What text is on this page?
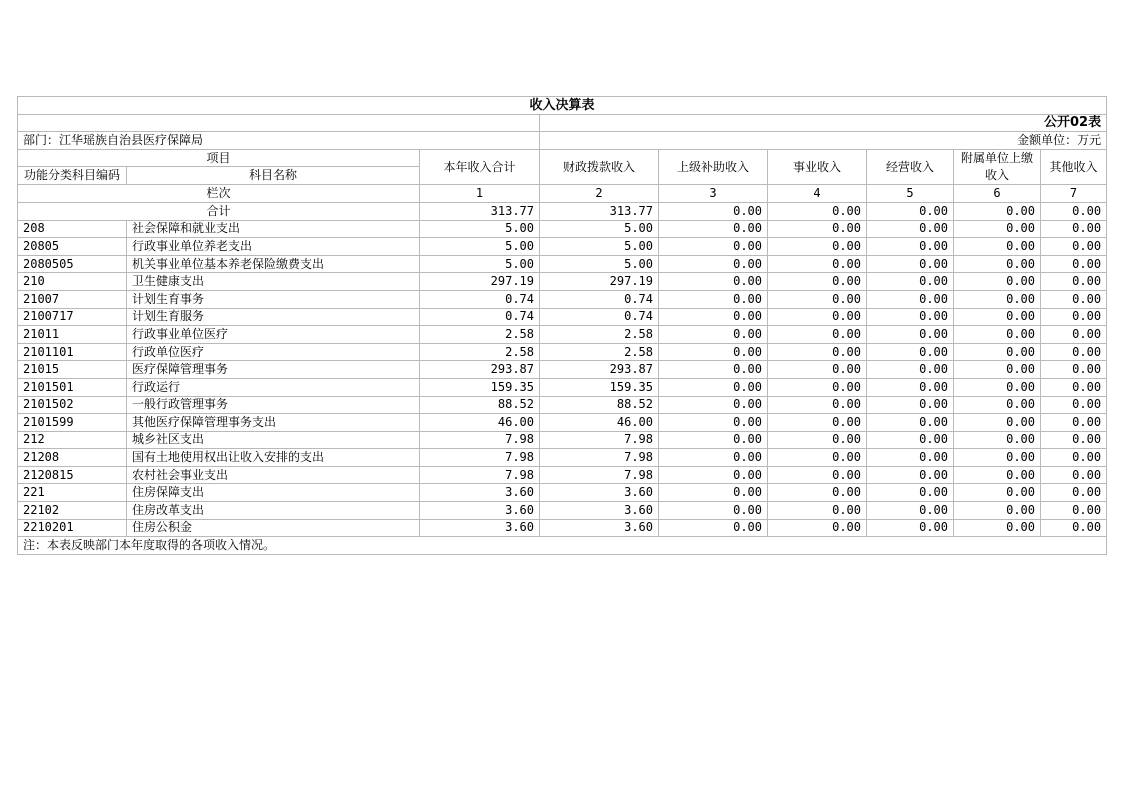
收入决算表								
			公开02表					
部门：江华瑶族自治县医疗保障局			金额单位：万元					
项目		本年收入合计	财政拨款收入	上级补助收入	事业收入	经营收入	附属单位上缴收入	其他收入
功能分类科目编码	科目名称							
栏次		1	2	3	4	5	6	7
合计		313.77	313.77	0.00	0.00	0.00	0.00	0.00
208	社会保障和就业支出	5.00	5.00	0.00	0.00	0.00	0.00	0.00
20805	行政事业单位养老支出	5.00	5.00	0.00	0.00	0.00	0.00	0.00
2080505	机关事业单位基本养老保险缴费支出	5.00	5.00	0.00	0.00	0.00	0.00	0.00
210	卫生健康支出	297.19	297.19	0.00	0.00	0.00	0.00	0.00
21007	计划生育事务	0.74	0.74	0.00	0.00	0.00	0.00	0.00
2100717	计划生育服务	0.74	0.74	0.00	0.00	0.00	0.00	0.00
21011	行政事业单位医疗	2.58	2.58	0.00	0.00	0.00	0.00	0.00
2101101	行政单位医疗	2.58	2.58	0.00	0.00	0.00	0.00	0.00
21015	医疗保障管理事务	293.87	293.87	0.00	0.00	0.00	0.00	0.00
2101501	行政运行	159.35	159.35	0.00	0.00	0.00	0.00	0.00
2101502	一般行政管理事务	88.52	88.52	0.00	0.00	0.00	0.00	0.00
2101599	其他医疗保障管理事务支出	46.00	46.00	0.00	0.00	0.00	0.00	0.00
212	城乡社区支出	7.98	7.98	0.00	0.00	0.00	0.00	0.00
21208	国有土地使用权出让收入安排的支出	7.98	7.98	0.00	0.00	0.00	0.00	0.00
2120815	农村社会事业支出	7.98	7.98	0.00	0.00	0.00	0.00	0.00
221	住房保障支出	3.60	3.60	0.00	0.00	0.00	0.00	0.00
22102	住房改革支出	3.60	3.60	0.00	0.00	0.00	0.00	0.00
2210201	住房公积金	3.60	3.60	0.00	0.00	0.00	0.00	0.00
注：本表反映部门本年度取得的各项收入情况。								
